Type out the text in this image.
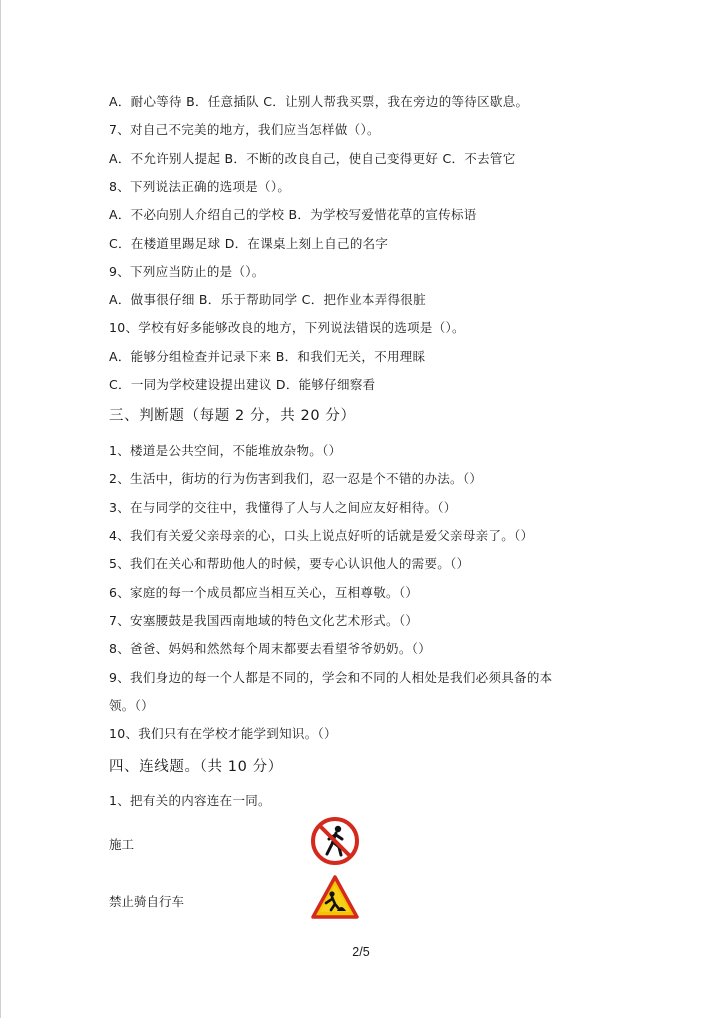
A．耐心等待 B．任意插队 C．让别人帮我买票，我在旁边的等待区歇息。
7、对自己不完美的地方，我们应当怎样做（）。
A．不允许别人提起 B．不断的改良自己，使自己变得更好 C．不去管它
8、下列说法正确的选项是（）。
A．不必向别人介绍自己的学校 B．为学校写爱惜花草的宣传标语
C．在楼道里踢足球 D．在课桌上刻上自己的名字
9、下列应当防止的是（）。
A．做事很仔细 B．乐于帮助同学 C．把作业本弄得很脏
10、学校有好多能够改良的地方，下列说法错误的选项是（）。
A．能够分组检查并记录下来 B．和我们无关，不用理睬
C．一同为学校建设提出建议 D．能够仔细察看
三、判断题（每题 2 分，共 20 分）
1、楼道是公共空间，不能堆放杂物。（）
2、生活中，街坊的行为伤害到我们，忍一忍是个不错的办法。（）
3、在与同学的交往中，我懂得了人与人之间应友好相待。（）
4、我们有关爱父亲母亲的心，口头上说点好听的话就是爱父亲母亲了。（）
5、我们在关心和帮助他人的时候，要专心认识他人的需要。（）
6、家庭的每一个成员都应当相互关心，互相尊敬。（）
7、安塞腰鼓是我国西南地域的特色文化艺术形式。（）
8、爸爸、妈妈和然然每个周末都要去看望爷爷奶奶。（）
9、我们身边的每一个人都是不同的，学会和不同的人相处是我们必须具备的本
领。（）
10、我们只有在学校才能学到知识。（）
四、连线题。（共 10 分）
1、把有关的内容连在一同。
施工
禁止骑自行车
2/5
